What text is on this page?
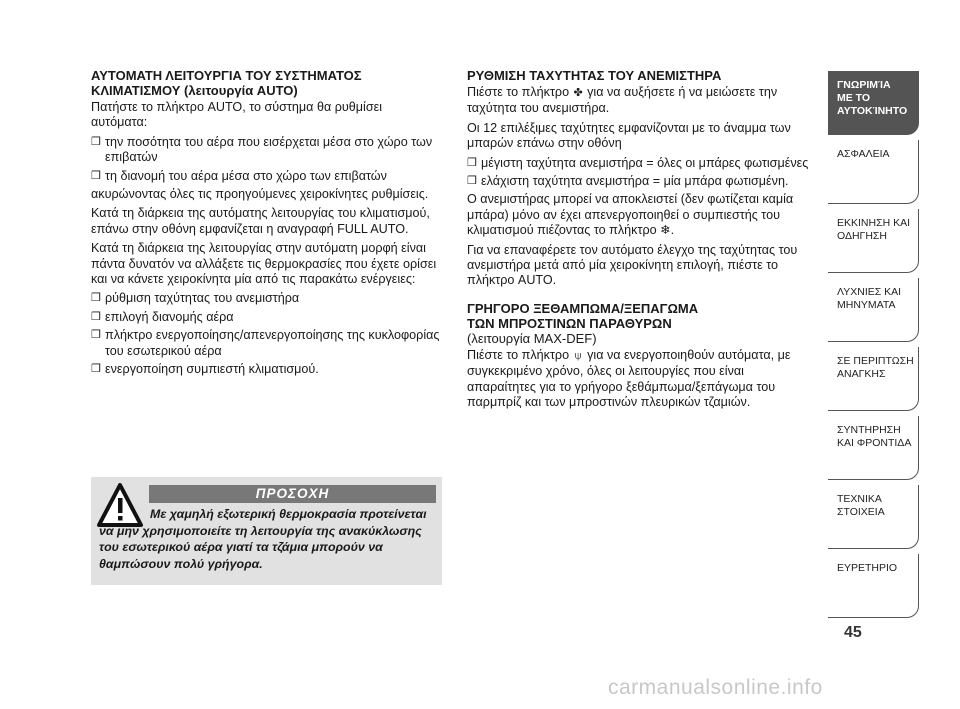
ΑΥΤΟΜΑΤΗ ΛΕΙΤΟΥΡΓΙΑ ΤΟΥ ΣΥΣΤΗΜΑΤΟΣ
ΚΛΙΜΑΤΙΣΜΟΥ (λειτουργία AUTO)

Πατήστε το πλήκτρο AUTO, το σύστημα θα ρυθμίσει αυτόματα:

❒ την ποσότητα του αέρα που εισέρχεται μέσα στο χώρο των επιβατών
❒ τη διανομή του αέρα μέσα στο χώρο των επιβατών

ακυρώνοντας όλες τις προηγούμενες χειροκίνητες ρυθμίσεις.

Κατά τη διάρκεια της αυτόματης λειτουργίας του κλιματισμού, επάνω στην οθόνη εμφανίζεται η αναγραφή FULL AUTO.

Κατά τη διάρκεια της λειτουργίας στην αυτόματη μορφή είναι πάντα δυνατόν να αλλάξετε τις θερμοκρασίες που έχετε ορίσει και να κάνετε χειροκίνητα μία από τις παρακάτω ενέργειες:

❒ ρύθμιση ταχύτητας του ανεμιστήρα
❒ επιλογή διανομής αέρα
❒ πλήκτρο ενεργοποίησης/απενεργοποίησης της κυκλοφορίας του εσωτερικού αέρα
❒ ενεργοποίηση συμπιεστή κλιματισμού.
ΠΡΟΣΟΧΗ
Με χαμηλή εξωτερική θερμοκρασία προτείνεται να μην χρησιμοποιείτε τη λειτουργία της ανακύκλωσης του εσωτερικού αέρα γιατί τα τζάμια μπορούν να θαμπώσουν πολύ γρήγορα.
ΡΥΘΜΙΣΗ ΤΑΧΥΤΗΤΑΣ ΤΟΥ ΑΝΕΜΙΣΤΗΡΑ

Πιέστε το πλήκτρο ✤ για να αυξήσετε ή να μειώσετε την ταχύτητα του ανεμιστήρα.

Οι 12 επιλέξιμες ταχύτητες εμφανίζονται με το άναμμα των μπαρών επάνω στην οθόνη

❒ μέγιστη ταχύτητα ανεμιστήρα = όλες οι μπάρες φωτισμένες
❒ ελάχιστη ταχύτητα ανεμιστήρα = μία μπάρα φωτισμένη.

Ο ανεμιστήρας μπορεί να αποκλειστεί (δεν φωτίζεται καμία μπάρα) μόνο αν έχει απενεργοποιηθεί ο συμπιεστής του κλιματισμού πιέζοντας το πλήκτρο ❄.

Για να επαναφέρετε τον αυτόματο έλεγχο της ταχύτητας του ανεμιστήρα μετά από μία χειροκίνητη επιλογή, πιέστε το πλήκτρο AUTO.

ΓΡΗΓΟΡΟ ΞΕΘΑΜΠΩΜΑ/ΞΕΠΑΓΩΜΑ
ΤΩΝ ΜΠΡΟΣΤΙΝΩΝ ΠΑΡΑΘΥΡΩΝ
(λειτουργία MAX-DEF)

Πιέστε το πλήκτρο ⍦ για να ενεργοποιηθούν αυτόματα, με συγκεκριμένο χρόνο, όλες οι λειτουργίες που είναι απαραίτητες για το γρήγορο ξεθάμπωμα/ξεπάγωμα του παρμπρίζ και των μπροστινών πλευρικών τζαμιών.

ΓΝΩΡΙΜΊΑ
ΜΕ ΤΟ
ΑΥΤΟΚΊΝΗΤΟ
ΑΣΦΑΛΕΙΑ
ΕΚΚΙΝΗΣΗ ΚΑΙ
ΟΔΗΓΗΣΗ
ΛΥΧΝΙΕΣ ΚΑΙ
ΜΗΝΥΜΑΤΑ
ΣΕ ΠΕΡΙΠΤΩΣΗ
ΑΝΑΓΚΗΣ
ΣΥΝΤΗΡΗΣΗ
ΚΑΙ ΦΡΟΝΤΙΔΑ
ΤΕΧΝΙΚΑ
ΣΤΟΙΧΕΙΑ
ΕΥΡΕΤΗΡΙΟ
45
carmanualsonline.info
